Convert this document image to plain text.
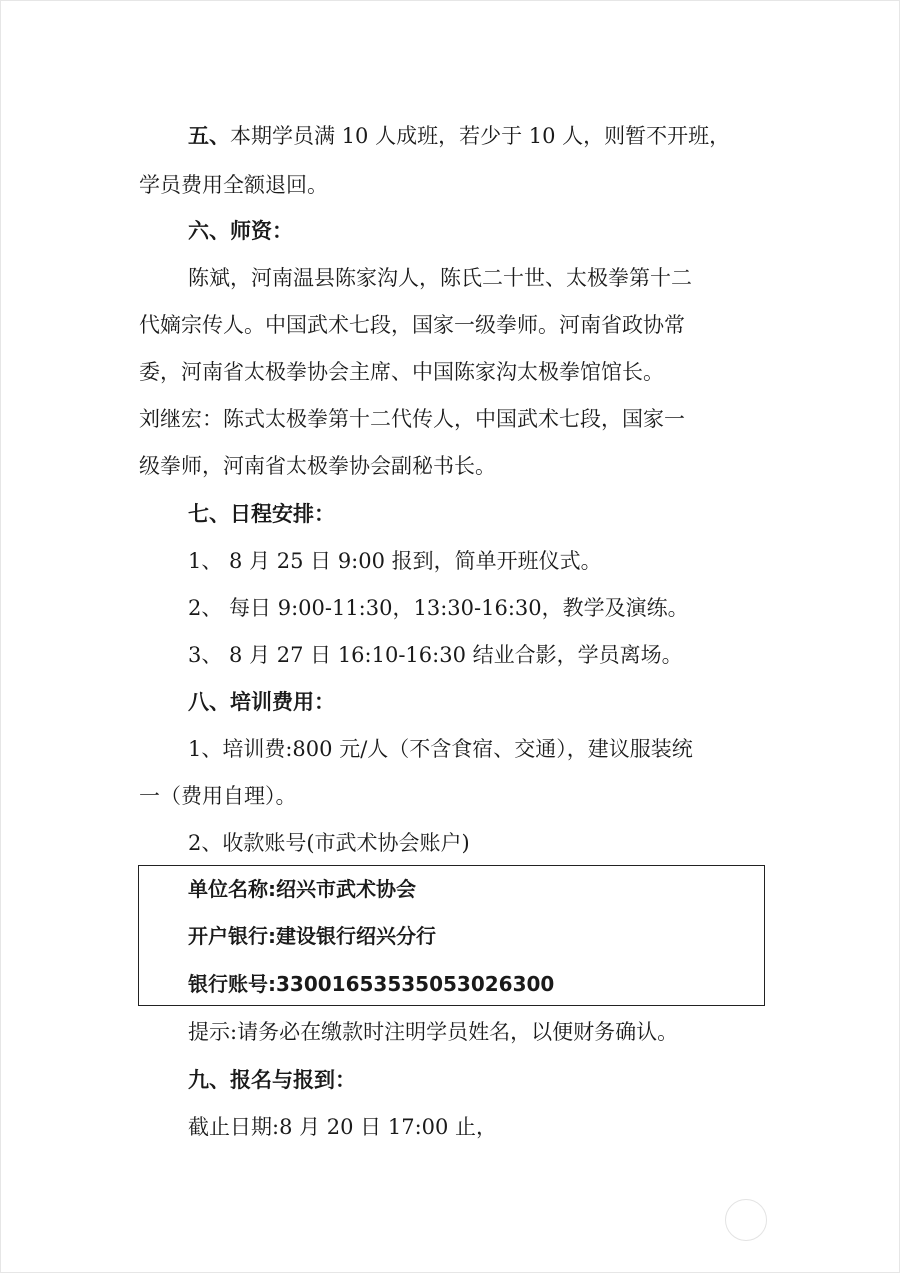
五、本期学员满 10 人成班，若少于 10 人，则暂不开班，
学员费用全额退回。
六、师资：
陈斌，河南温县陈家沟人，陈氏二十世、太极拳第十二
代嫡宗传人。中国武术七段，国家一级拳师。河南省政协常
委，河南省太极拳协会主席、中国陈家沟太极拳馆馆长。
刘继宏：陈式太极拳第十二代传人，中国武术七段，国家一
级拳师，河南省太极拳协会副秘书长。
七、日程安排：
1、 8 月 25 日 9:00 报到，简单开班仪式。
2、 每日 9:00-11:30，13:30-16:30，教学及演练。
3、 8 月 27 日 16:10-16:30 结业合影，学员离场。
八、培训费用：
1、培训费:800 元/人（不含食宿、交通），建议服装统
一（费用自理）。
2、收款账号(市武术协会账户)
单位名称:绍兴市武术协会
开户银行:建设银行绍兴分行
银行账号:33001653535053026300
提示:请务必在缴款时注明学员姓名，以便财务确认。
九、报名与报到：
截止日期:8 月 20 日 17:00 止，
